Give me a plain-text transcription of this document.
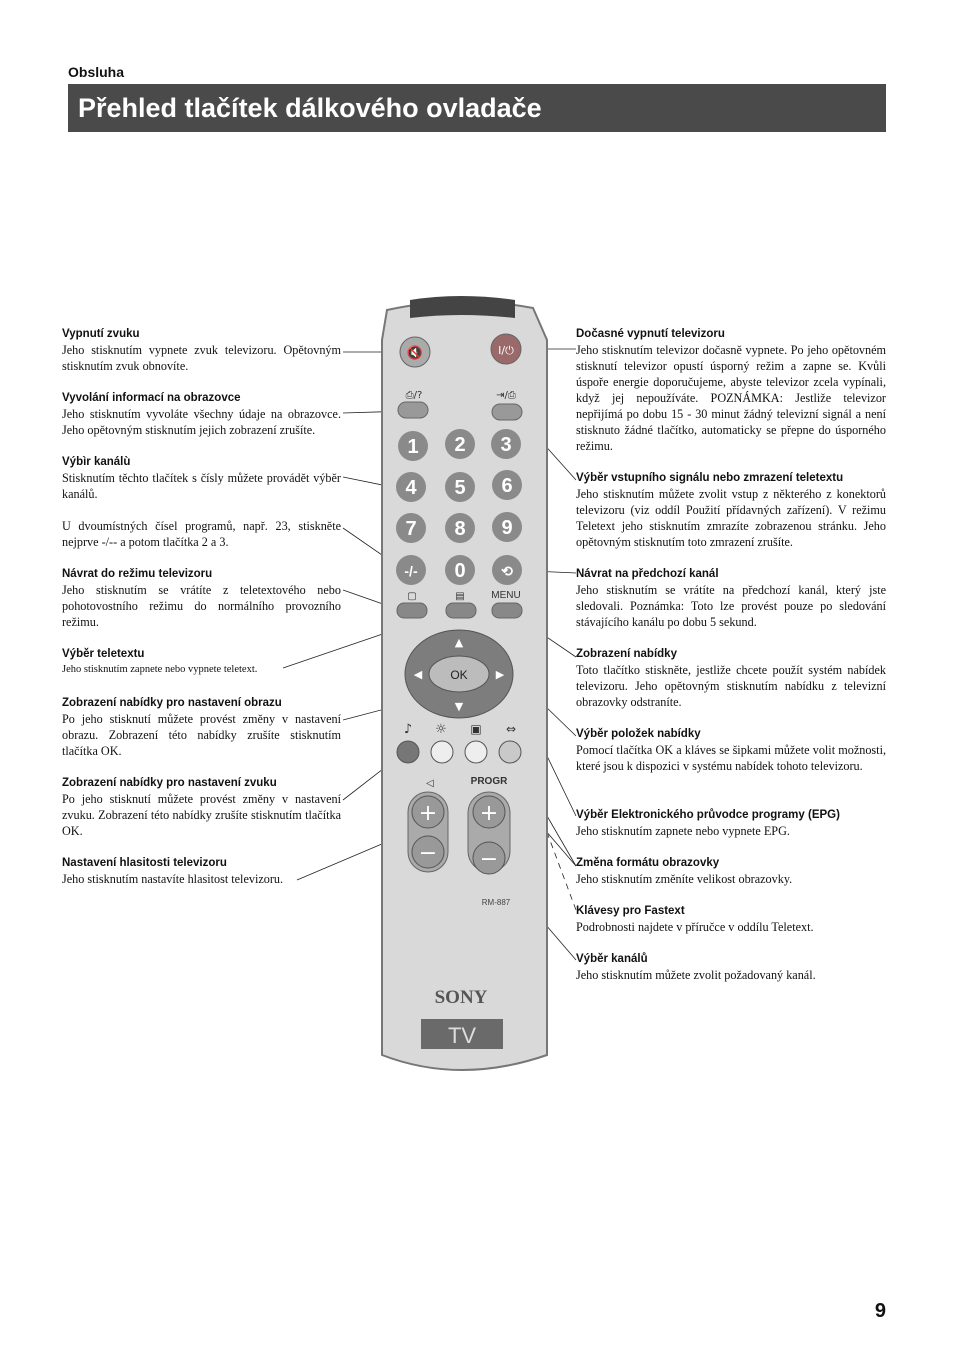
Obsluha
Přehled tlačítek dálkového ovladače
🔇	I/⏻
⎙/?	⇥/⎙
1 2 3
4 5 6
7 8 9
-/- 0	⟲
▢	▤	MENU
OK
▲
▼
◀	▶
♪ ☼ ▣ ⇔
◁	PROGR
+
−
+
−
RM-887
SONY
TV
Vypnutí zvuku

Jeho stisknutím vypnete zvuk televizoru. Opětovným stisknutím zvuk obnovíte.

Vyvolání informací na obrazovce

Jeho stisknutím vyvoláte všechny údaje na obrazovce. Jeho opětovným stisknutím jejich zobrazení zrušíte.

Výbìr kanálù

Stisknutím těchto tlačítek s čísly můžete provádět výběr kanálů.

U dvoumístných čísel programů, např. 23, stiskněte nejprve -/-- a potom tlačítka 2 a 3.

Návrat do režimu televizoru

Jeho stisknutím se vrátíte z teletextového nebo pohotovostního režimu do normálního provozního režimu.

Výběr teletextu

Jeho stisknutím zapnete nebo vypnete teletext.

Zobrazení nabídky pro nastavení obrazu

Po jeho stisknutí můžete provést změny v nastavení obrazu. Zobrazení této nabídky zrušíte stisknutím tlačítka OK.

Zobrazení nabídky pro nastavení zvuku

Po jeho stisknutí můžete provést změny v nastavení zvuku. Zobrazení této nabídky zrušíte stisknutím tlačítka OK.

Nastavení hlasitosti televizoru

Jeho stisknutím nastavíte hlasitost televizoru.

Dočasné vypnutí televizoru

Jeho stisknutím televizor dočasně vypnete. Po jeho opětovném stisknutí televizor opustí úsporný režim a zapne se. Kvůli úspoře energie doporučujeme, abyste televizor zcela vypínali, když jej nepoužíváte. POZNÁMKA: Jestliže televizor nepřijímá po dobu 15 - 30 minut žádný televizní signál a není stisknuto žádné tlačítko, automaticky se přepne do úsporného režimu.

Výběr vstupního signálu nebo zmrazení teletextu

Jeho stisknutím můžete zvolit vstup z některého z konektorů televizoru (viz oddíl Použití přídavných zařízení). V režimu Teletext jeho stisknutím zmrazíte zobrazenou stránku. Jeho opětovným stisknutím toto zmrazení zrušíte.

Návrat na předchozí kanál

Jeho stisknutím se vrátíte na předchozí kanál, který jste sledovali. Poznámka: Toto lze provést pouze po sledování stávajícího kanálu po dobu 5 sekund.

Zobrazení nabídky

Toto tlačítko stiskněte, jestliže chcete použít systém nabídek televizoru. Jeho opětovným stisknutím nabídku z televizní obrazovky odstraníte.

Výběr položek nabídky

Pomocí tlačítka OK a kláves se šipkami můžete volit možnosti, které jsou k dispozici v systému nabídek tohoto televizoru.

Výběr Elektronického průvodce programy (EPG)

Jeho stisknutím zapnete nebo vypnete EPG.

Změna formátu obrazovky

Jeho stisknutím změníte velikost obrazovky.

Klávesy pro Fastext

Podrobnosti najdete v příručce v oddílu Teletext.

Výběr kanálů

Jeho stisknutím můžete zvolit požadovaný kanál.

9
